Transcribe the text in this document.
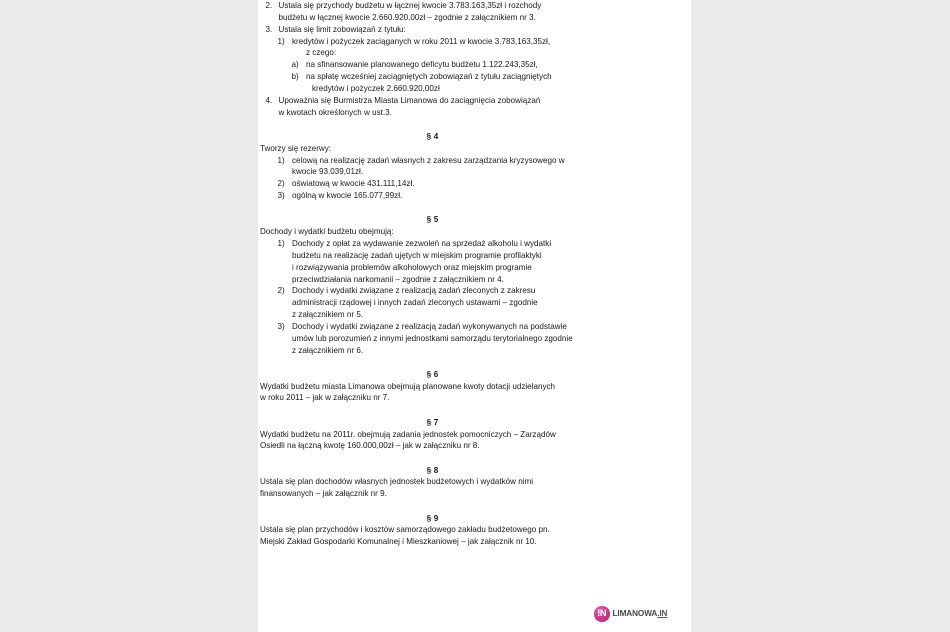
2. Ustala się przychody budżetu w łącznej kwocie 3.783.163,35zł i rozchody
budżetu w łącznej kwocie 2.660.920,00zł – zgodnie z załącznikiem nr 3.
3. Ustala się limit zobowiązań z tytułu:
1) kredytów i pożyczek zaciąganych w roku 2011 w kwocie 3.783,163,35zł,
z czego:
a) na sfinansowanie planowanego deficytu budżetu 1.122.243,35zł,
b) na spłatę wcześniej zaciągniętych zobowiązań z tytułu zaciągniętych
kredytów i pożyczek 2.660.920,00zł
4. Upoważnia się Burmistrza Miasta Limanowa do zaciągnięcia zobowiązań
w kwotach określonych w ust.3.
§ 4
Tworzy się rezerwy:
1) celową na realizację zadań własnych z zakresu zarządzania kryzysowego w
kwocie 93.039,01zł.
2) oświatową w kwocie 431.111,14zł.
3) ogólną w kwocie 165.077,99zł.
§ 5
Dochody i wydatki budżetu obejmują:
1) Dochody z opłat za wydawanie zezwoleń na sprzedaż alkoholu i wydatki
budżetu na realizację zadań ujętych w miejskim programie profilaktyki
i rozwiązywania problemów alkoholowych oraz miejskim programie
przeciwdziałania narkomanii – zgodnie z załącznikiem nr 4.
2) Dochody i wydatki związane z realizacją zadań zleconych z zakresu
administracji rządowej i innych zadań zleconych ustawami – zgodnie
z załącznikiem nr 5.
3) Dochody i wydatki związane z realizacją zadań wykonywanych na podstawie
umów lub porozumień z innymi jednostkami samorządu terytorialnego zgodnie
z załącznikiem nr 6.
§ 6
Wydatki budżetu miasta Limanowa obejmują planowane kwoty dotacji udzielanych
w roku 2011 – jak w załączniku nr 7.
§ 7
Wydatki budżetu na 2011r. obejmują zadania jednostek pomocniczych – Zarządów
Osiedli na łączną kwotę 160.000,00zł – jak w załączniku nr 8.
§ 8
Ustala się plan dochodów własnych jednostek budżetowych i wydatków nimi
finansowanych – jak załącznik nr 9.
§ 9
Ustala się plan przychodów i kosztów samorządowego zakładu budżetowego pn.
Miejski Zakład Gospodarki Komunalnej i Mieszkaniowej – jak załącznik nr 10.
!N LIMANOWA.IN
